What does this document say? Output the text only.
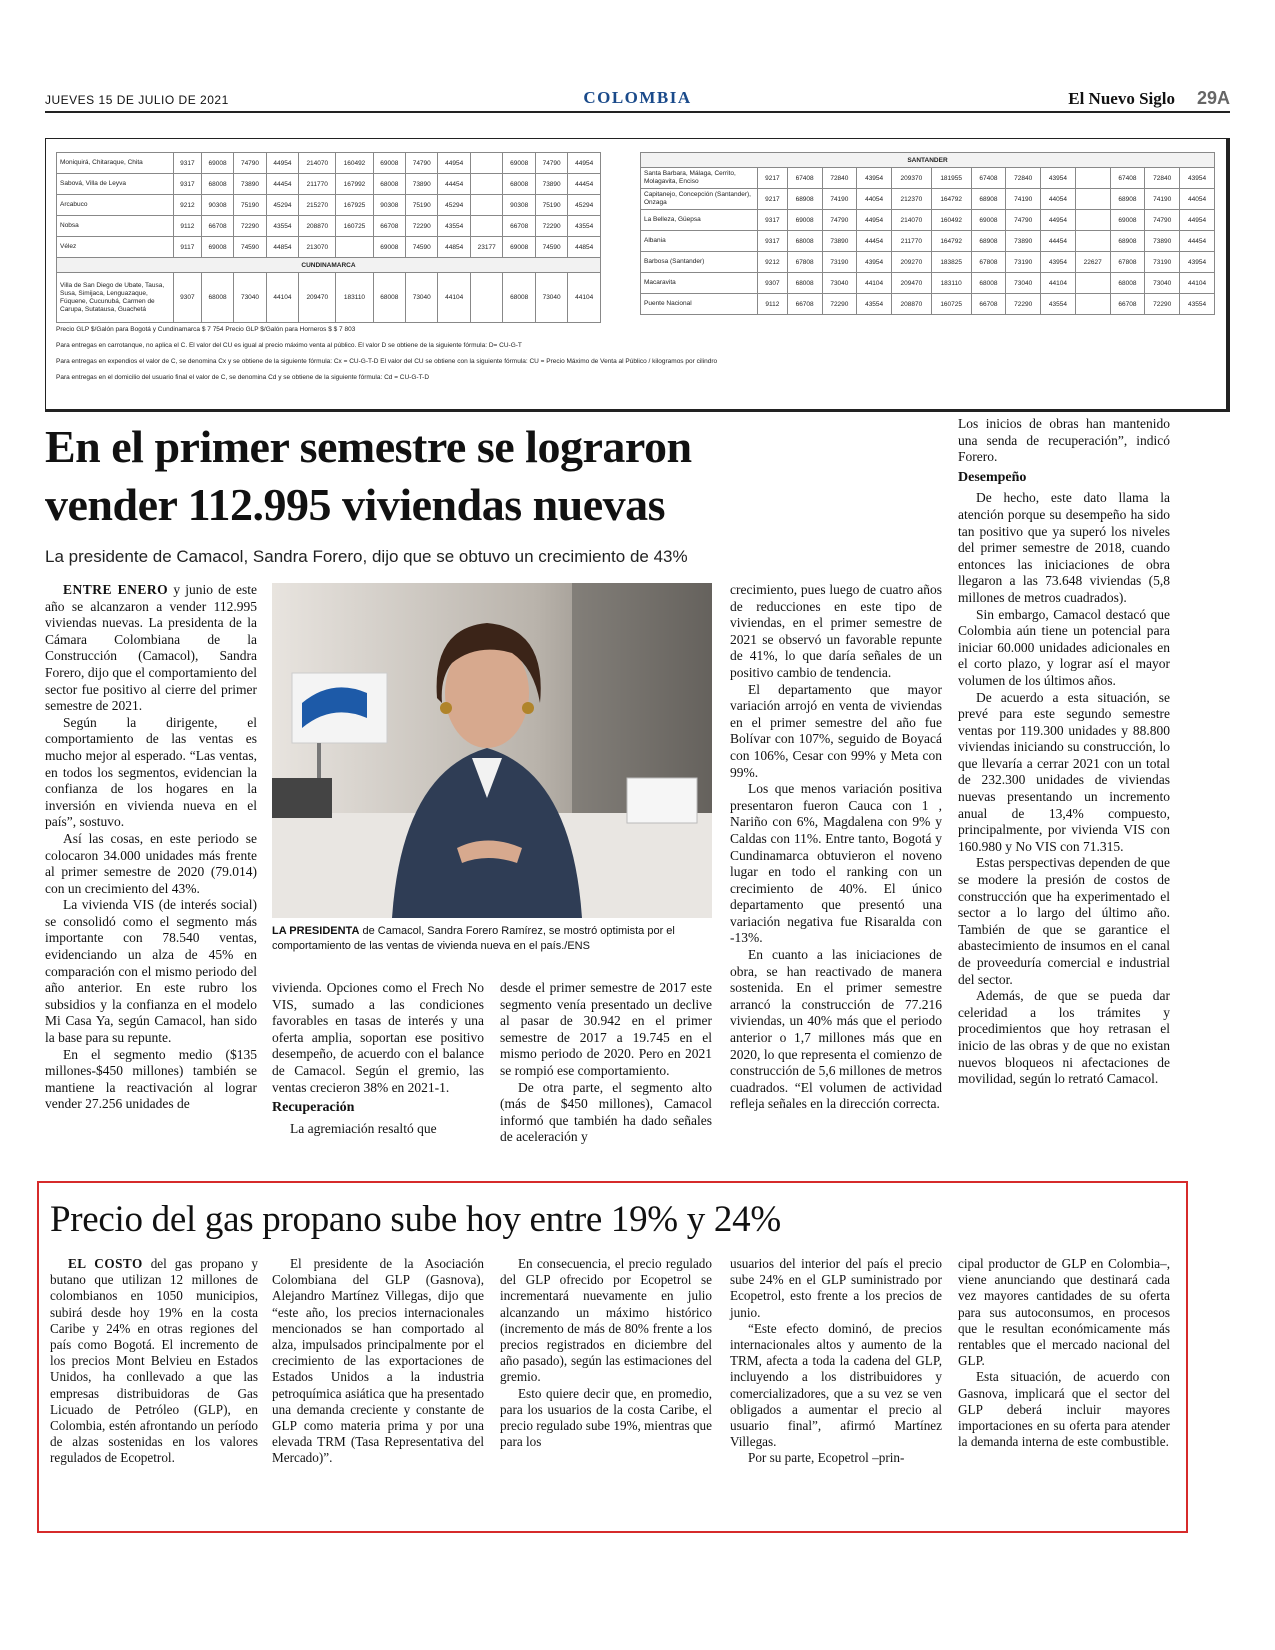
JUEVES 15 DE JULIO DE 2021	COLOMBIA	El Nuevo Siglo 29A
Moniquirá, Chitaraque, Chita	9317	69008	74790	44954	214070	160492	69008	74790	44954		69008	74790	44954
Sabová, Villa de Leyva	9317	68008	73890	44454	211770	167992	68008	73890	44454		68008	73890	44454
Arcabuco	9212	90308	75190	45294	215270	167925	90308	75190	45294		90308	75190	45294
Nobsa	9112	66708	72290	43554	208870	160725	66708	72290	43554		66708	72290	43554
Vélez	9117	69008	74590	44854	213070		69008	74590	44854	23177	69008	74590	44854
CUNDINAMARCA													
Villa de San Diego de Ubate, Tausa, Susa, Simijaca, Lenguazaque, Fúquene, Cucunubá, Carmen de Carupa, Sutatausa, Guachetá	9307	68008	73040	44104	209470	183110	68008	73040	44104		68008	73040	44104
SANTANDER													
Santa Barbara, Málaga, Cerrito, Molagavita, Enciso	9217	67408	72840	43954	209370	181955	67408	72840	43954		67408	72840	43954
Capitanejo, Concepción (Santander), Onzaga	9217	68908	74190	44054	212370	164792	68908	74190	44054		68908	74190	44054
La Belleza, Güepsa	9317	69008	74790	44954	214070	160492	69008	74790	44954		69008	74790	44954
Albania	9317	68008	73890	44454	211770	164792	68908	73890	44454		68908	73890	44454
Barbosa (Santander)	9212	67808	73190	43954	209270	183825	67808	73190	43954	22627	67808	73190	43954
Macaravita	9307	68008	73040	44104	209470	183110	68008	73040	44104		68008	73040	44104
Puente Nacional	9112	66708	72290	43554	208870	160725	66708	72290	43554		66708	72290	43554
Precio GLP $/Galón para Bogotá y Cundinamarca $ 7 754 Precio GLP $/Galón para Horneros $ $ 7 803
Para entregas en carrotanque, no aplica el C. El valor del CU es igual al precio máximo venta al público. El valor D se obtiene de la siguiente fórmula: D= CU-G-T
Para entregas en expendios el valor de C, se denomina Cx y se obtiene de la siguiente fórmula: Cx = CU-G-T-D El valor del CU se obtiene con la siguiente fórmula: CU = Precio Máximo de Venta al Público / kilogramos por cilindro
Para entregas en el domicilio del usuario final el valor de C, se denomina Cd y se obtiene de la siguiente fórmula: Cd = CU-G-T-D
En el primer semestre se lograron
vender 112.995 viviendas nuevas
La presidente de Camacol, Sandra Forero, dijo que se obtuvo un crecimiento de 43%

ENTRE ENERO y junio de este año se alcanzaron a vender 112.995 viviendas nuevas. La presidenta de la Cámara Colombiana de la Construcción (Camacol), Sandra Forero, dijo que el comportamiento del sector fue positivo al cierre del primer semestre de 2021.

Según la dirigente, el comportamiento de las ventas es mucho mejor al esperado. “Las ventas, en todos los segmentos, evidencian la confianza de los hogares en la inversión en vivienda nueva en el país”, sostuvo.

Así las cosas, en este periodo se colocaron 34.000 unidades más frente al primer semestre de 2020 (79.014) con un crecimiento del 43%.

La vivienda VIS (de interés social) se consolidó como el segmento más importante con 78.540 ventas, evidenciando un alza de 45% en comparación con el mismo periodo del año anterior. En este rubro los subsidios y la confianza en el modelo Mi Casa Ya, según Camacol, han sido la base para su repunte.

En el segmento medio ($135 millones-$450 millones) también se mantiene la reactivación al lograr vender 27.256 unidades de

LA PRESIDENTA de Camacol, Sandra Forero Ramírez, se mostró optimista por el comportamiento de las ventas de vivienda nueva en el país./ENS

vivienda. Opciones como el Frech No VIS, sumado a las condiciones favorables en tasas de interés y una oferta amplia, soportan ese positivo desempeño, de acuerdo con el balance de Camacol. Según el gremio, las ventas crecieron 38% en 2021-1.

Recuperación

La agremiación resaltó que

desde el primer semestre de 2017 este segmento venía presentado un declive al pasar de 30.942 en el primer semestre de 2017 a 19.745 en el mismo periodo de 2020. Pero en 2021 se rompió ese comportamiento.

De otra parte, el segmento alto (más de $450 millones), Camacol informó que también ha dado señales de aceleración y

crecimiento, pues luego de cuatro años de reducciones en este tipo de viviendas, en el primer semestre de 2021 se observó un favorable repunte de 41%, lo que daría señales de un positivo cambio de tendencia.

El departamento que mayor variación arrojó en venta de viviendas en el primer semestre del año fue Bolívar con 107%, seguido de Boyacá con 106%, Cesar con 99% y Meta con 99%.

Los que menos variación positiva presentaron fueron Cauca con 1 , Nariño con 6%, Magdalena con 9% y Caldas con 11%. Entre tanto, Bogotá y Cundinamarca obtuvieron el noveno lugar en todo el ranking con un crecimiento de 40%. El único departamento que presentó una variación negativa fue Risaralda con -13%.

En cuanto a las iniciaciones de obra, se han reactivado de manera sostenida. En el primer semestre arrancó la construcción de 77.216 viviendas, un 40% más que el periodo anterior o 1,7 millones más que en 2020, lo que representa el comienzo de construcción de 5,6 millones de metros cuadrados. “El volumen de actividad refleja señales en la dirección correcta.

Los inicios de obras han mantenido una senda de recuperación”, indicó Forero.

Desempeño

De hecho, este dato llama la atención porque su desempeño ha sido tan positivo que ya superó los niveles del primer semestre de 2018, cuando entonces las iniciaciones de obra llegaron a las 73.648 viviendas (5,8 millones de metros cuadrados).

Sin embargo, Camacol destacó que Colombia aún tiene un potencial para iniciar 60.000 unidades adicionales en el corto plazo, y lograr así el mayor volumen de los últimos años.

De acuerdo a esta situación, se prevé para este segundo semestre ventas por 119.300 unidades y 88.800 viviendas iniciando su construcción, lo que llevaría a cerrar 2021 con un total de 232.300 unidades de viviendas nuevas presentando un incremento anual de 13,4% compuesto, principalmente, por vivienda VIS con 160.980 y No VIS con 71.315.

Estas perspectivas dependen de que se modere la presión de costos de construcción que ha experimentado el sector a lo largo del último año. También de que se garantice el abastecimiento de insumos en el canal de proveeduría comercial e industrial del sector.

Además, de que se pueda dar celeridad a los trámites y procedimientos que hoy retrasan el inicio de las obras y de que no existan nuevos bloqueos ni afectaciones de movilidad, según lo retrató Camacol.

Precio del gas propano sube hoy entre 19% y 24%

EL COSTO del gas propano y butano que utilizan 12 millones de colombianos en 1050 municipios, subirá desde hoy 19% en la costa Caribe y 24% en otras regiones del país como Bogotá. El incremento de los precios Mont Belvieu en Estados Unidos, ha conllevado a que las empresas distribuidoras de Gas Licuado de Petróleo (GLP), en Colombia, estén afrontando un período de alzas sostenidas en los valores regulados de Ecopetrol.

El presidente de la Asociación Colombiana del GLP (Gasnova), Alejandro Martínez Villegas, dijo que “este año, los precios internacionales mencionados se han comportado al alza, impulsados principalmente por el crecimiento de las exportaciones de Estados Unidos a la industria petroquímica asiática que ha presentado una demanda creciente y constante de GLP como materia prima y por una elevada TRM (Tasa Representativa del Mercado)”.

En consecuencia, el precio regulado del GLP ofrecido por Ecopetrol se incrementará nuevamente en julio alcanzando un máximo histórico (incremento de más de 80% frente a los precios registrados en diciembre del año pasado), según las estimaciones del gremio.

Esto quiere decir que, en promedio, para los usuarios de la costa Caribe, el precio regulado sube 19%, mientras que para los

usuarios del interior del país el precio sube 24% en el GLP suministrado por Ecopetrol, esto frente a los precios de junio.

“Este efecto dominó, de precios internacionales altos y aumento de la TRM, afecta a toda la cadena del GLP, incluyendo a los distribuidores y comercializadores, que a su vez se ven obligados a aumentar el precio al usuario final”, afirmó Martínez Villegas.

Por su parte, Ecopetrol –prin-

cipal productor de GLP en Colombia–, viene anunciando que destinará cada vez mayores cantidades de su oferta para sus autoconsumos, en procesos que le resultan económicamente más rentables que el mercado nacional del GLP.

Esta situación, de acuerdo con Gasnova, implicará que el sector del GLP deberá incluir mayores importaciones en su oferta para atender la demanda interna de este combustible.
